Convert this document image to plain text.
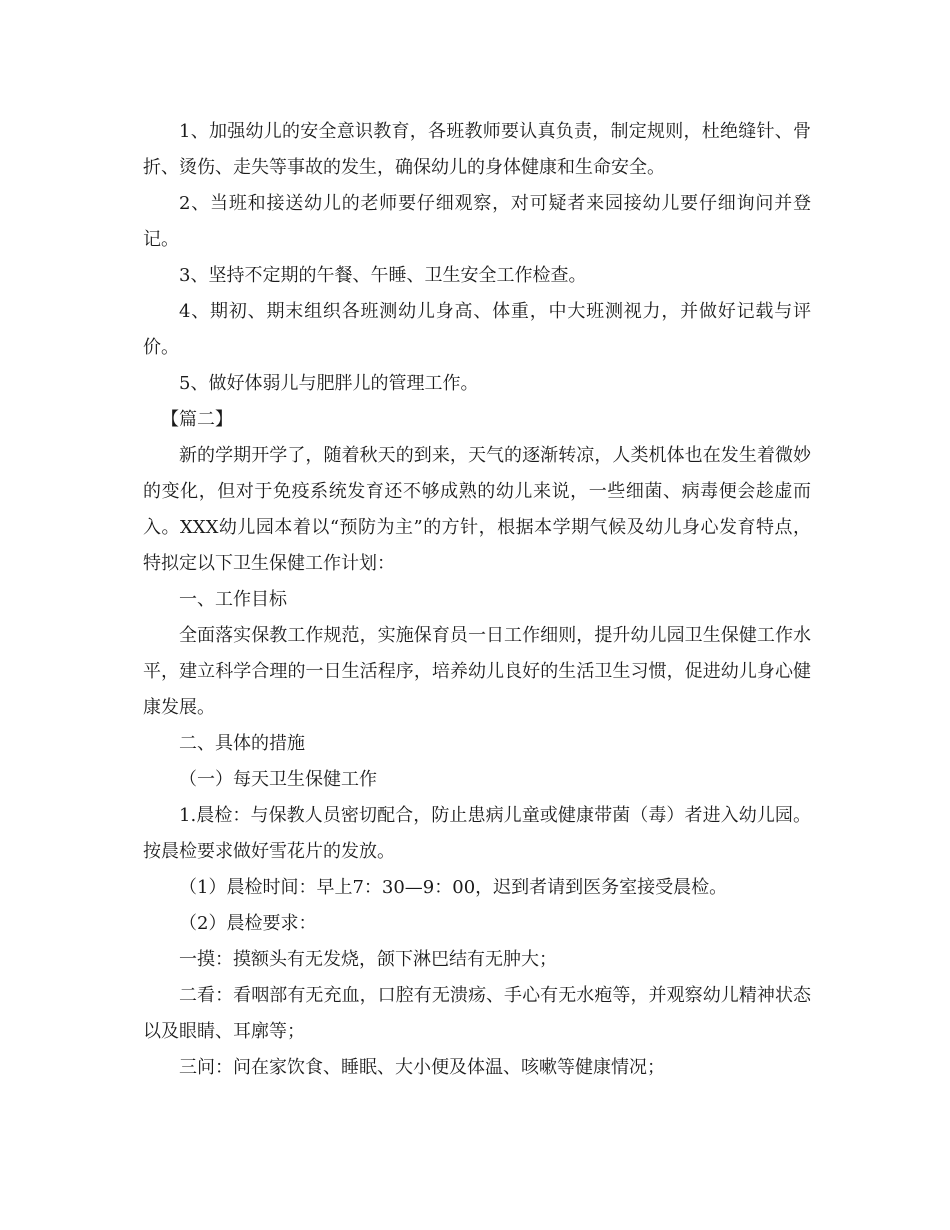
1、加强幼儿的安全意识教育，各班教师要认真负责，制定规则，杜绝缝针、骨折、烫伤、走失等事故的发生，确保幼儿的身体健康和生命安全。

2、当班和接送幼儿的老师要仔细观察，对可疑者来园接幼儿要仔细询问并登记。

3、坚持不定期的午餐、午睡、卫生安全工作检查。

4、期初、期末组织各班测幼儿身高、体重，中大班测视力，并做好记载与评价。

5、做好体弱儿与肥胖儿的管理工作。

【篇二】

新的学期开学了，随着秋天的到来，天气的逐渐转凉，人类机体也在发生着微妙的变化，但对于免疫系统发育还不够成熟的幼儿来说，一些细菌、病毒便会趁虚而入。XXX幼儿园本着以“预防为主”的方针，根据本学期气候及幼儿身心发育特点，特拟定以下卫生保健工作计划：

一、工作目标

全面落实保教工作规范，实施保育员一日工作细则，提升幼儿园卫生保健工作水平，建立科学合理的一日生活程序，培养幼儿良好的生活卫生习惯，促进幼儿身心健康发展。

二、具体的措施

（一）每天卫生保健工作

1.晨检：与保教人员密切配合，防止患病儿童或健康带菌（毒）者进入幼儿园。按晨检要求做好雪花片的发放。

（1）晨检时间：早上7：30—9：00，迟到者请到医务室接受晨检。

（2）晨检要求：

一摸：摸额头有无发烧，颌下淋巴结有无肿大；

二看：看咽部有无充血，口腔有无溃疡、手心有无水疱等，并观察幼儿精神状态以及眼睛、耳廓等；

三问：问在家饮食、睡眠、大小便及体温、咳嗽等健康情况；
